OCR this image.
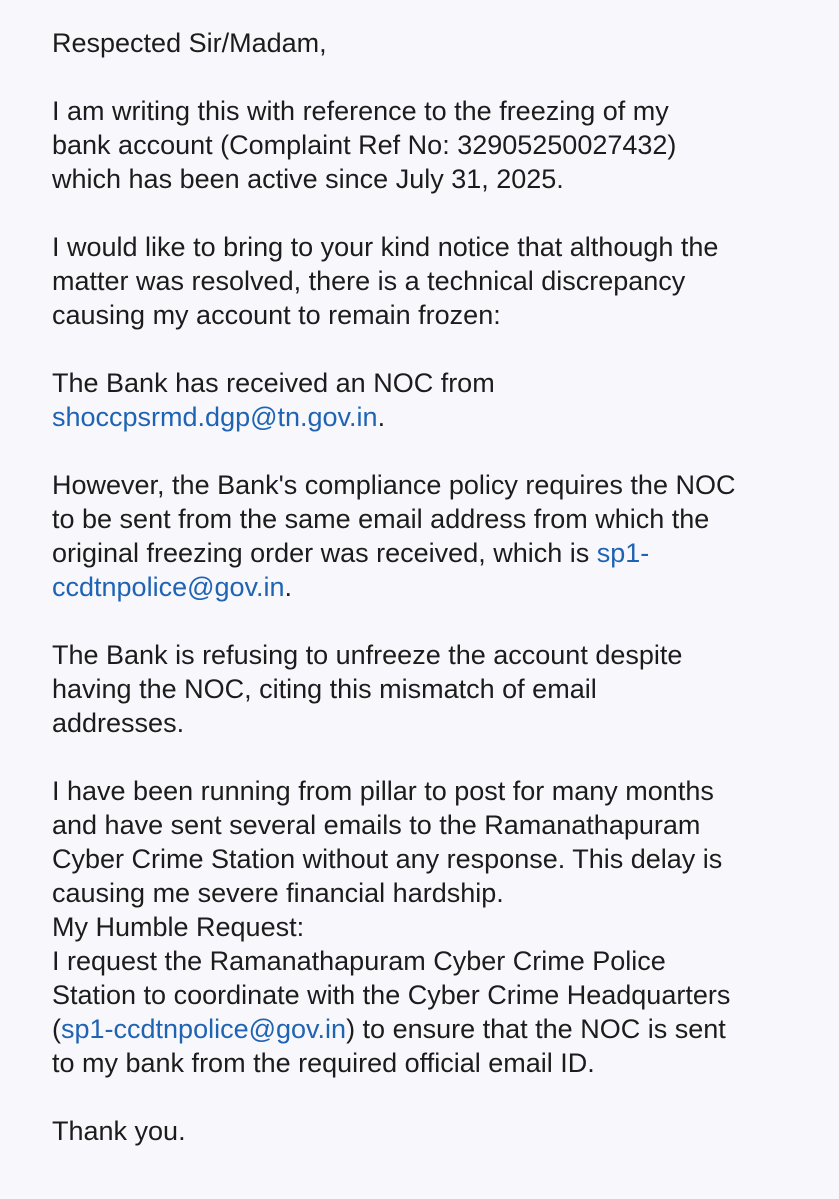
Respected Sir/Madam,
I am writing this with reference to the freezing of my
bank account (Complaint Ref No: 32905250027432)
which has been active since July 31, 2025.
I would like to bring to your kind notice that although the
matter was resolved, there is a technical discrepancy
causing my account to remain frozen:
The Bank has received an NOC from
shoccpsrmd.dgp@tn.gov.in.
However, the Bank's compliance policy requires the NOC
to be sent from the same email address from which the
original freezing order was received, which is sp1-
ccdtnpolice@gov.in.
The Bank is refusing to unfreeze the account despite
having the NOC, citing this mismatch of email
addresses.
I have been running from pillar to post for many months
and have sent several emails to the Ramanathapuram
Cyber Crime Station without any response. This delay is
causing me severe financial hardship.
My Humble Request:
I request the Ramanathapuram Cyber Crime Police
Station to coordinate with the Cyber Crime Headquarters
(sp1-ccdtnpolice@gov.in) to ensure that the NOC is sent
to my bank from the required official email ID.
Thank you.
